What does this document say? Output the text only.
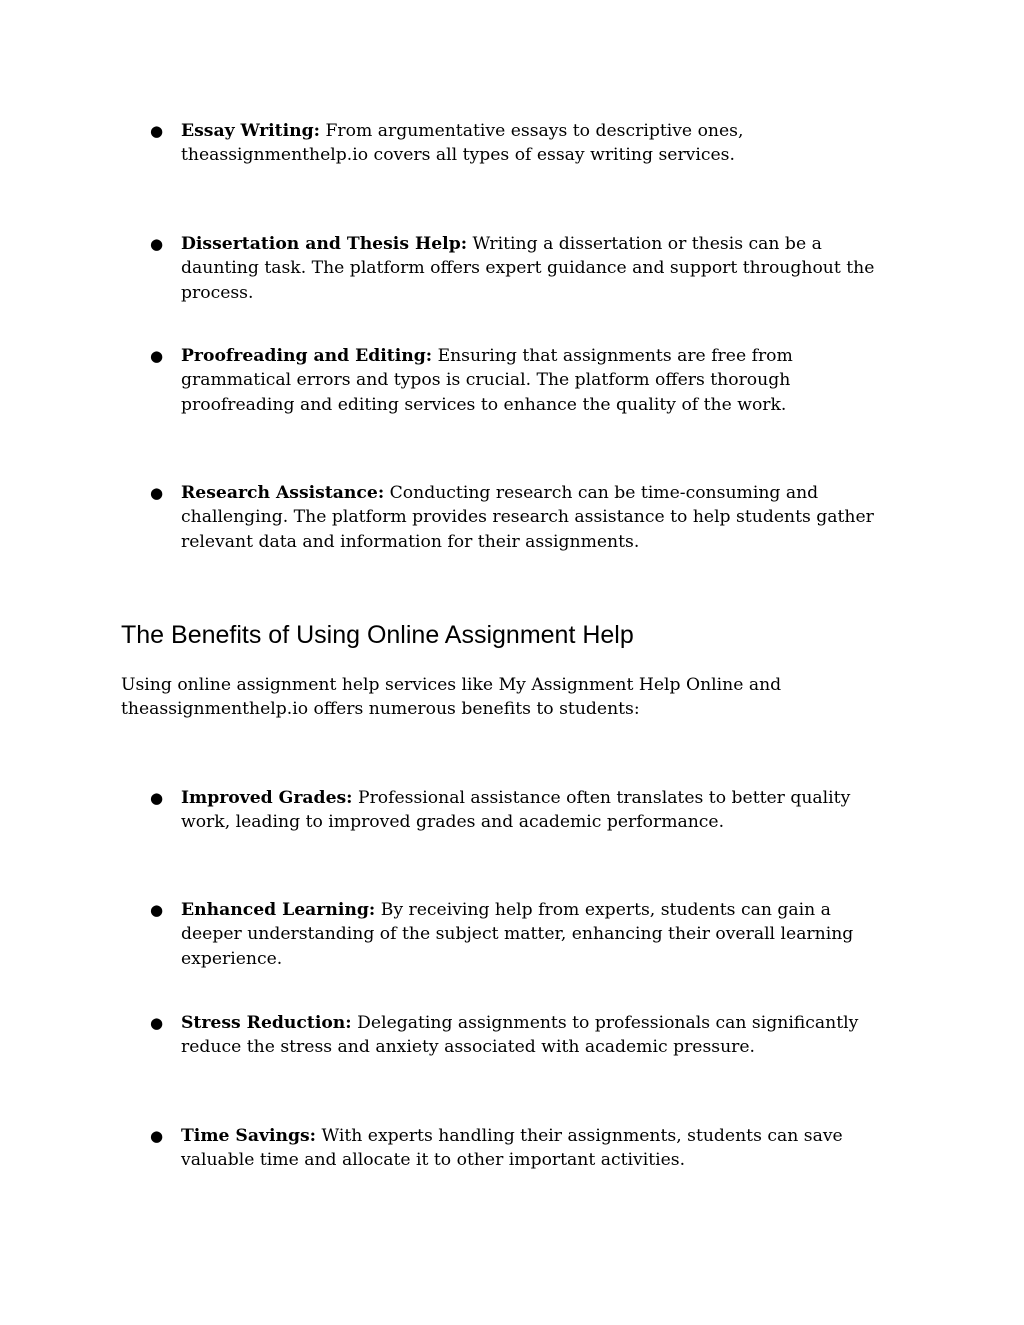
●	Essay Writing: From argumentative essays to descriptive ones, theassignmenthelp.io covers all types of essay writing services.
●	Dissertation and Thesis Help: Writing a dissertation or thesis can be a daunting task. The platform offers expert guidance and support throughout the process.
●	Proofreading and Editing: Ensuring that assignments are free from grammatical errors and typos is crucial. The platform offers thorough proofreading and editing services to enhance the quality of the work.
●	Research Assistance: Conducting research can be time-consuming and challenging. The platform provides research assistance to help students gather relevant data and information for their assignments.
The Benefits of Using Online Assignment Help

Using online assignment help services like My Assignment Help Online and theassignmenthelp.io offers numerous benefits to students:

●	Improved Grades: Professional assistance often translates to better quality work, leading to improved grades and academic performance.
●	Enhanced Learning: By receiving help from experts, students can gain a deeper understanding of the subject matter, enhancing their overall learning experience.
●	Stress Reduction: Delegating assignments to professionals can significantly reduce the stress and anxiety associated with academic pressure.
●	Time Savings: With experts handling their assignments, students can save valuable time and allocate it to other important activities.
